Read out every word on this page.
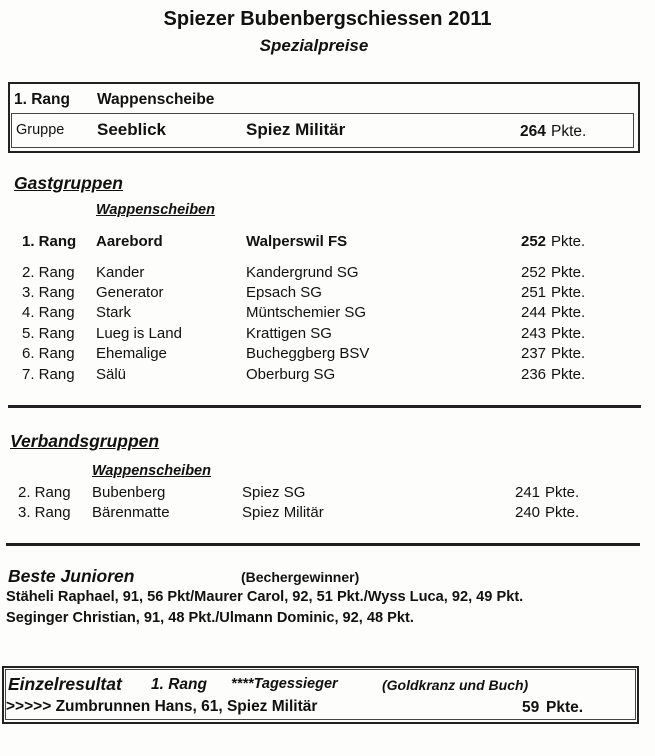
Spiezer Bubenbergschiessen 2011
Spezialpreise
1. Rang Wappenscheibe
Gruppe Seeblick	Spiez Militär	264 Pkte.
Gastgruppen
Wappenscheiben
1. Rang Aarebord	Walperswil FS	252 Pkte.
2. Rang Kander	Kandergrund SG	252 Pkte.
3. Rang Generator	Epsach SG	251 Pkte.
4. Rang Stark	Müntschemier SG	244 Pkte.
5. Rang Lueg is Land	Krattigen SG	243 Pkte.
6. Rang Ehemalige	Bucheggberg BSV	237 Pkte.
7. Rang Sälü	Oberburg SG	236 Pkte.
Verbandsgruppen
Wappenscheiben
2. Rang Bubenberg	Spiez SG	241 Pkte.
3. Rang Bärenmatte	Spiez Militär	240 Pkte.
Beste Junioren	(Bechergewinner)
Stäheli Raphael, 91, 56 Pkt/Maurer Carol, 92, 51 Pkt./Wyss Luca, 92, 49 Pkt.
Seginger Christian, 91, 48 Pkt./Ulmann Dominic, 92, 48 Pkt.
Einzelresultat 1. Rang ****Tagessieger	(Goldkranz und Buch)
>>>>> Zumbrunnen Hans, 61, Spiez Militär	59 Pkte.
